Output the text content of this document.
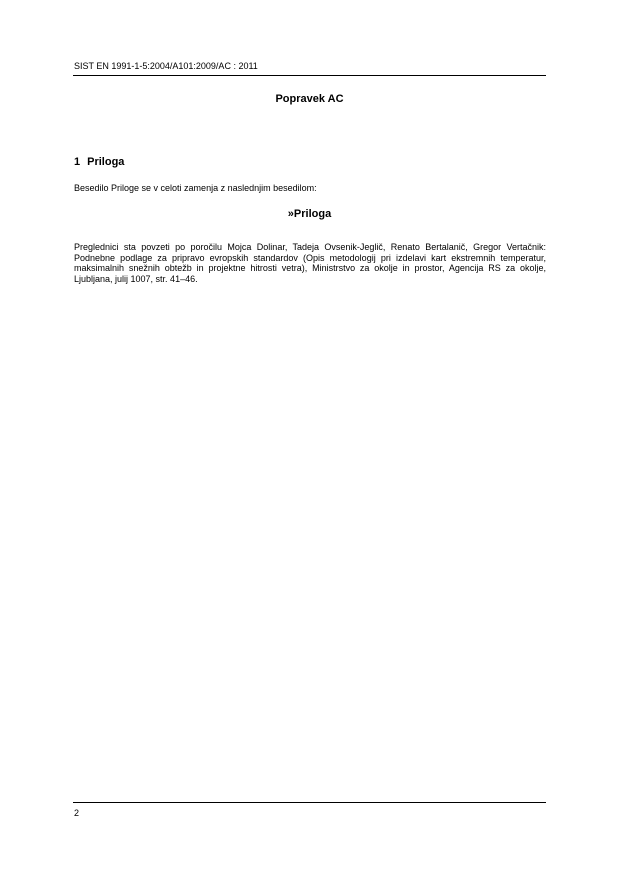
SIST EN 1991-1-5:2004/A101:2009/AC : 2011
Popravek AC
1 Priloga
Besedilo Priloge se v celoti zamenja z naslednjim besedilom:
»Priloga
Preglednici sta povzeti po poročilu Mojca Dolinar, Tadeja Ovsenik-Jeglič, Renato Bertalanič, Gregor Vertačnik: Podnebne podlage za pripravo evropskih standardov (Opis metodologij pri izdelavi kart ekstremnih temperatur, maksimalnih snežnih obtežb in projektne hitrosti vetra), Ministrstvo za okolje in prostor, Agencija RS za okolje, Ljubljana, julij 1007, str. 41–46.
2
